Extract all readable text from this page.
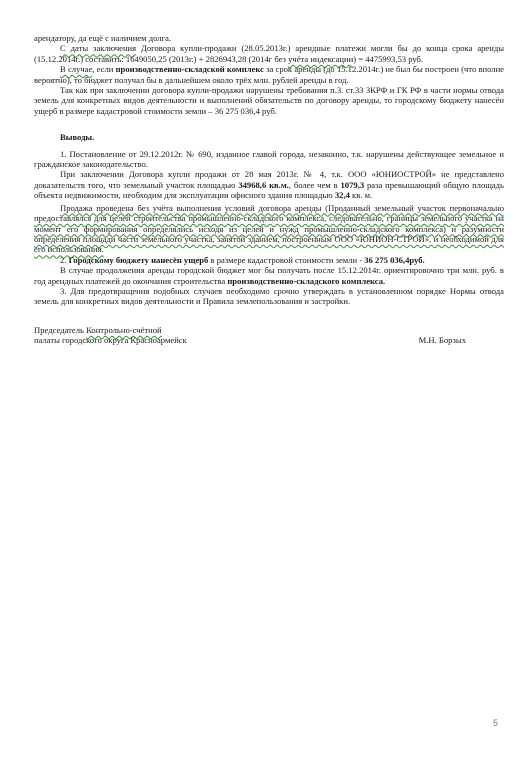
арендатору, да ещё с наличием долга.

С даты заключения Договора купли-продажи (28.05.2013г.) арендные платежи могли бы до конца срока аренды (15.12.2014г.) составить: 1649050,25 (2013г.) + 2826943,28 (2014г без учёта индексации) = 4475993,53 руб.

В случае, если производственно-складской комплекс за срок аренды (до 15.12.2014г.) не был бы построен (что вполне вероятно), то бюджет получал бы в дальнейшем около трёх млн. рублей аренды в год.

Так как при заключении договора купли-продажи нарушены требования п.3. ст.33 ЗКРФ и ГК РФ в части нормы отвода земель для конкретных видов деятельности и выполнений обязательств по договору аренды, то городскому бюджету нанесён ущерб в размере кадастровой стоимости земли – 36 275 036,4 руб.

Выводы.

1. Постановление от 29.12.2012г. № 690, изданное главой города, незаконно, т.к. нарушены действующее земельное и гражданское законодательство.

При заключении Договора купли продажи от 28 мая 2013г. № 4, т.к. ООО «ЮНИОСТРОЙ» не представлено доказательств того, что земельный участок площадью 34968,6 кв.м., более чем в 1079,3 раза превышающий общую площадь объекта недвижимости, необходим для эксплуатации офисного здания площадью 32,4 кв. м.

Продажа проведена без учёта выполнения условий договора аренды (Проданный земельный участок первоначально предоставлялся для целей строительства промышленно-складского комплекса, следовательно, границы земельного участка на момент его формирования определялись исходя из целей и нужд промышленно-складского комплекса) и разумности определения площади части земельного участка, занятой зданием, построенным ООО «ЮНИОН-СТРОЙ», и необходимой для его использования.

2. Городскому бюджету нанесён ущерб в размере кадастровой стоимости земли - 36 275 036,4руб.

В случае продолжения аренды городской бюджет мог бы получать после 15.12.2014г. ориентировочно три млн. руб. в год арендных платежей до окончания строительства производственно-складского комплекса.

3. Для предотвращения подобных случаев необходимо срочно утверждать в установленном порядке Нормы отвода земель для конкретных видов деятельности и Правила землепользования и застройки.

Председатель Контрольно-счётной

палаты городского округа Красноармейск	М.Н. Борзых
5
